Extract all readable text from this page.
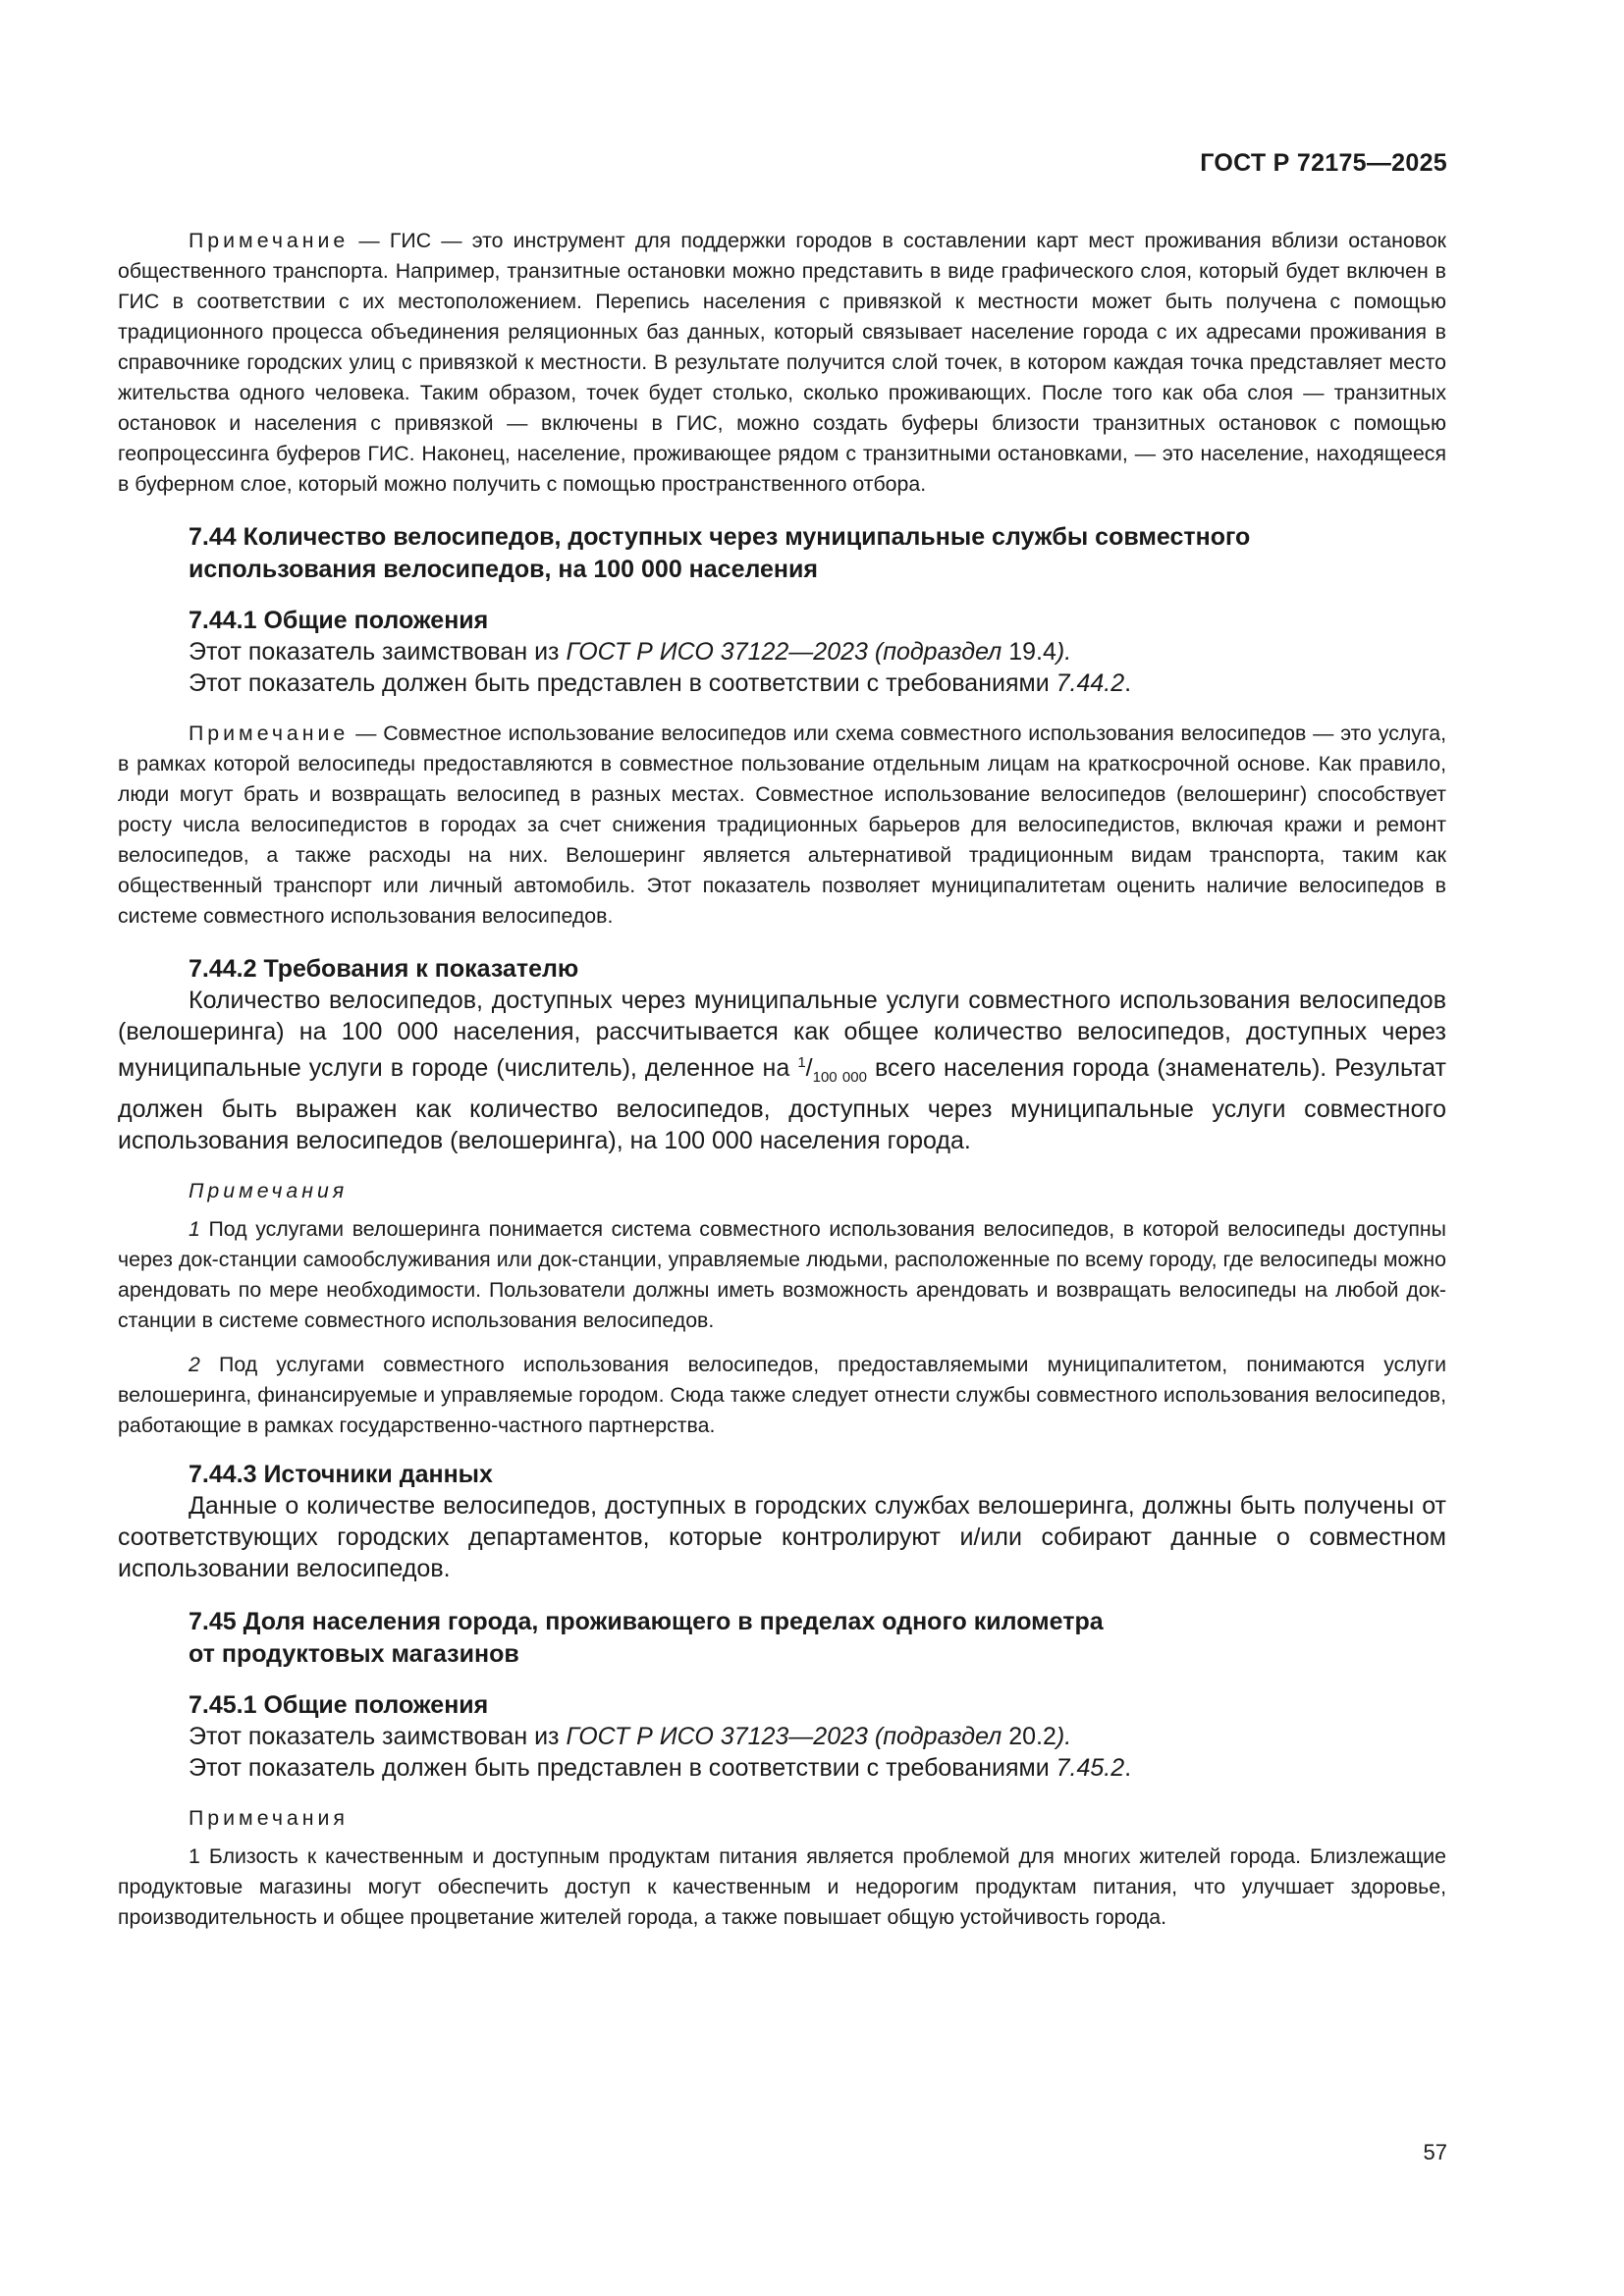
ГОСТ Р 72175—2025

Примечание — ГИС — это инструмент для поддержки городов в составлении карт мест проживания вблизи остановок общественного транспорта. Например, транзитные остановки можно представить в виде графического слоя, который будет включен в ГИС в соответствии с их местоположением. Перепись населения с привязкой к местности может быть получена с помощью традиционного процесса объединения реляционных баз данных, который связывает население города с их адресами проживания в справочнике городских улиц с привязкой к местности. В результате получится слой точек, в котором каждая точка представляет место жительства одного человека. Таким образом, точек будет столько, сколько проживающих. После того как оба слоя — транзитных остановок и населения с привязкой — включены в ГИС, можно создать буферы близости транзитных остановок с помощью геопроцессинга буферов ГИС. Наконец, население, проживающее рядом с транзитными остановками, — это население, находящееся в буферном слое, который можно получить с помощью пространственного отбора.

7.44 Количество велосипедов, доступных через муниципальные службы совместного
использования велосипедов, на 100 000 населения

7.44.1 Общие положения

Этот показатель заимствован из ГОСТ Р ИСО 37122—2023 (подраздел 19.4).

Этот показатель должен быть представлен в соответствии с требованиями 7.44.2.

Примечание — Совместное использование велосипедов или схема совместного использования велосипедов — это услуга, в рамках которой велосипеды предоставляются в совместное пользование отдельным лицам на краткосрочной основе. Как правило, люди могут брать и возвращать велосипед в разных местах. Совместное использование велосипедов (велошеринг) способствует росту числа велосипедистов в городах за счет снижения традиционных барьеров для велосипедистов, включая кражи и ремонт велосипедов, а также расходы на них. Велошеринг является альтернативой традиционным видам транспорта, таким как общественный транспорт или личный автомобиль. Этот показатель позволяет муниципалитетам оценить наличие велосипедов в системе совместного использования велосипедов.

7.44.2 Требования к показателю

Количество велосипедов, доступных через муниципальные услуги совместного использования велосипедов (велошеринга) на 100 000 населения, рассчитывается как общее количество велосипедов, доступных через муниципальные услуги в городе (числитель), деленное на $^1/_{100 000}$ всего населения города (знаменатель). Результат должен быть выражен как количество велосипедов, доступных через муниципальные услуги совместного использования велосипедов (велошеринга), на 100 000 населения города.

Примечания

1 Под услугами велошеринга понимается система совместного использования велосипедов, в которой велосипеды доступны через док-станции самообслуживания или док-станции, управляемые людьми, расположенные по всему городу, где велосипеды можно арендовать по мере необходимости. Пользователи должны иметь возможность арендовать и возвращать велосипеды на любой док-станции в системе совместного использования велосипедов.

2 Под услугами совместного использования велосипедов, предоставляемыми муниципалитетом, понимаются услуги велошеринга, финансируемые и управляемые городом. Сюда также следует отнести службы совместного использования велосипедов, работающие в рамках государственно-частного партнерства.

7.44.3 Источники данных

Данные о количестве велосипедов, доступных в городских службах велошеринга, должны быть получены от соответствующих городских департаментов, которые контролируют и/или собирают данные о совместном использовании велосипедов.

7.45 Доля населения города, проживающего в пределах одного километра
от продуктовых магазинов

7.45.1 Общие положения

Этот показатель заимствован из ГОСТ Р ИСО 37123—2023 (подраздел 20.2).

Этот показатель должен быть представлен в соответствии с требованиями 7.45.2.

Примечания

1 Близость к качественным и доступным продуктам питания является проблемой для многих жителей города. Близлежащие продуктовые магазины могут обеспечить доступ к качественным и недорогим продуктам питания, что улучшает здоровье, производительность и общее процветание жителей города, а также повышает общую устойчивость города.

57
